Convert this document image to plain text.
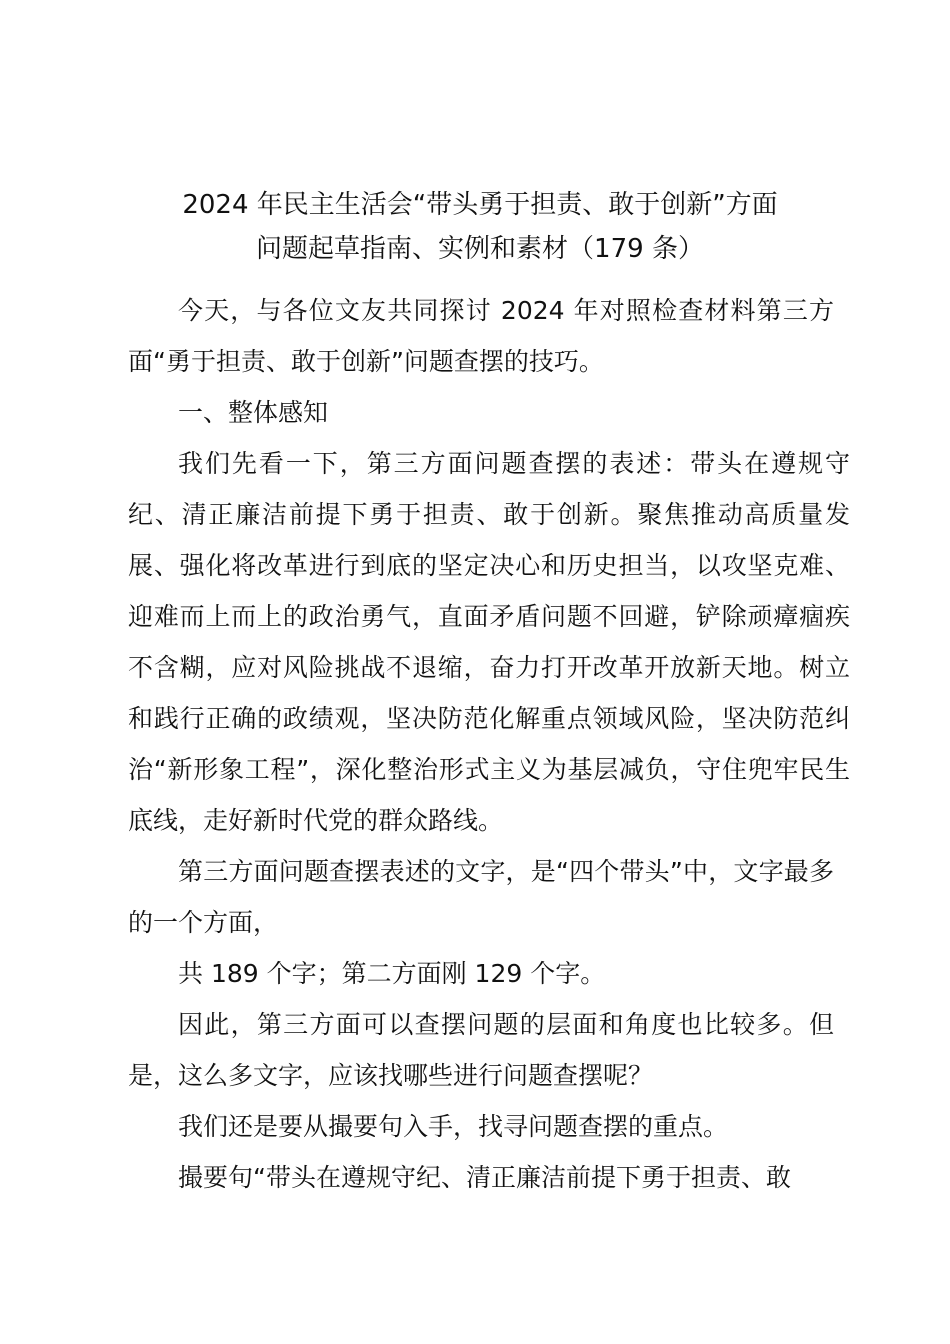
2024 年民主生活会“带头勇于担责、敢于创新”方面
问题起草指南、实例和素材（179 条）

今天，与各位文友共同探讨 2024 年对照检查材料第三方面“勇于担责、敢于创新”问题查摆的技巧。

一、整体感知

我们先看一下，第三方面问题查摆的表述：带头在遵规守纪、清正廉洁前提下勇于担责、敢于创新。聚焦推动高质量发展、强化将改革进行到底的坚定决心和历史担当，以攻坚克难、迎难而上而上的政治勇气，直面矛盾问题不回避，铲除顽瘴痼疾不含糊，应对风险挑战不退缩，奋力打开改革开放新天地。树立和践行正确的政绩观，坚决防范化解重点领域风险，坚决防范纠治“新形象工程”，深化整治形式主义为基层减负，守住兜牢民生底线，走好新时代党的群众路线。

第三方面问题查摆表述的文字，是“四个带头”中，文字最多的一个方面，

共 189 个字；第二方面刚 129 个字。

因此，第三方面可以查摆问题的层面和角度也比较多。但是，这么多文字，应该找哪些进行问题查摆呢？

我们还是要从撮要句入手，找寻问题查摆的重点。

撮要句“带头在遵规守纪、清正廉洁前提下勇于担责、敢
